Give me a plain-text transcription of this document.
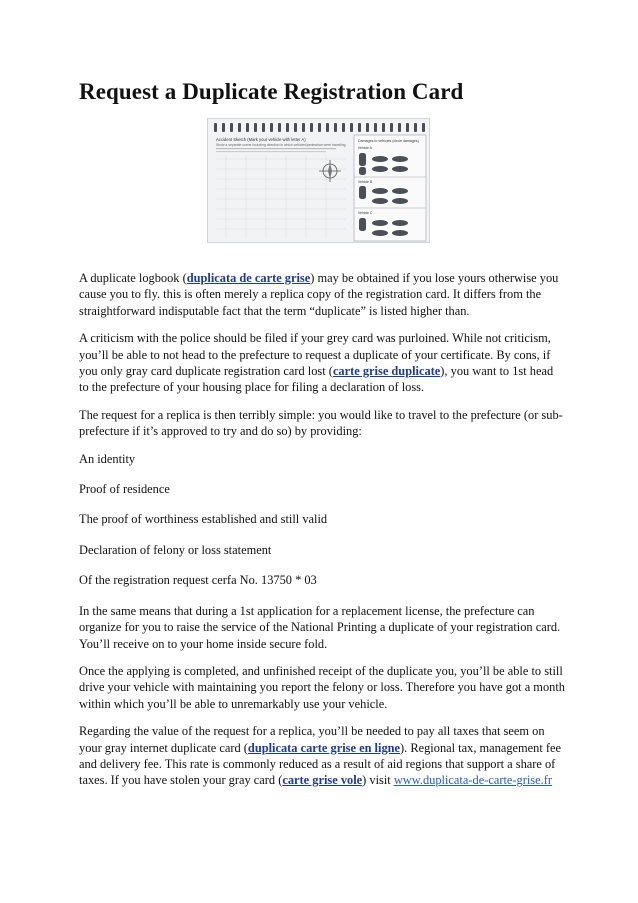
Request a Duplicate Registration Card
Accident Sketch (Mark your vehicle with letter A)
Show a separate scene including direction in which vehicles/pedestrian were travelling
Damages to vehicles (circle damages)
Vehicle A
Vehicle B
Vehicle C

A duplicate logbook (duplicata de carte grise) may be obtained if you lose yours otherwise you cause you to fly. this is often merely a replica copy of the registration card. It differs from the straightforward indisputable fact that the term “duplicate” is listed higher than.

A criticism with the police should be filed if your grey card was purloined. While not criticism, you’ll be able to not head to the prefecture to request a duplicate of your certificate. By cons, if you only gray card duplicate registration card lost (carte grise duplicate), you want to 1st head to the prefecture of your housing place for filing a declaration of loss.

The request for a replica is then terribly simple: you would like to travel to the prefecture (or sub-prefecture if it’s approved to try and do so) by providing:

An identity

Proof of residence

The proof of worthiness established and still valid

Declaration of felony or loss statement

Of the registration request cerfa No. 13750 * 03

In the same means that during a 1st application for a replacement license, the prefecture can organize for you to raise the service of the National Printing a duplicate of your registration card. You’ll receive on to your home inside secure fold.

Once the applying is completed, and unfinished receipt of the duplicate you, you’ll be able to still drive your vehicle with maintaining you report the felony or loss. Therefore you have got a month within which you’ll be able to unremarkably use your vehicle.

Regarding the value of the request for a replica, you’ll be needed to pay all taxes that seem on your gray internet duplicate card (duplicata carte grise en ligne). Regional tax, management fee and delivery fee. This rate is commonly reduced as a result of aid regions that support a share of taxes. If you have stolen your gray card (carte grise vole) visit www.duplicata-de-carte-grise.fr
